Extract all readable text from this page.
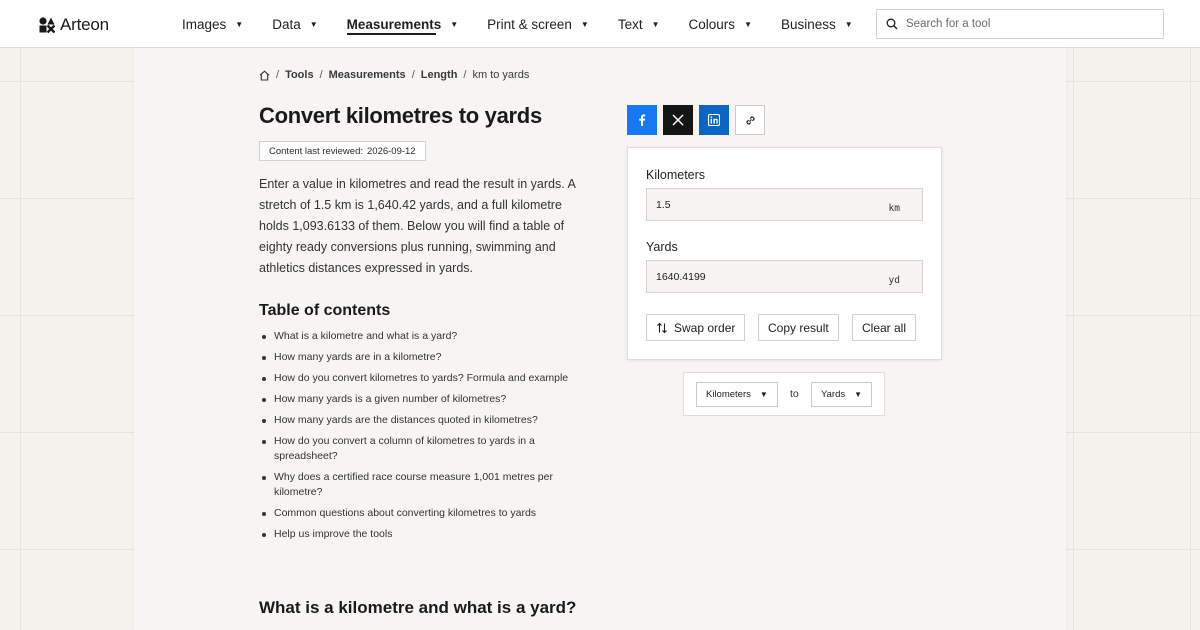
Arteon	Images ▼ Data ▼ Measurements ▼ Print & screen ▼ Text ▼ Colours ▼ Business ▼
Search for a tool
/ Tools / Measurements / Length / km to yards
Convert kilometres to yards
Content last reviewed: 2026-09-12

Enter a value in kilometres and read the result in yards. A stretch of 1.5 km is 1,640.42 yards, and a full kilometre holds 1,093.6133 of them. Below you will find a table of eighty ready conversions plus running, swimming and athletics distances expressed in yards.

Table of contents
What is a kilometre and what is a yard?
How many yards are in a kilometre?
How do you convert kilometres to yards? Formula and example
How many yards is a given number of kilometres?
How many yards are the distances quoted in kilometres?
How do you convert a column of kilometres to yards in a spreadsheet?
Why does a certified race course measure 1,001 metres per kilometre?
Common questions about converting kilometres to yards
Help us improve the tools
What is a kilometre and what is a yard?
Kilometers
1.5
km
Yards
1640.4199
yd
Swap order	Copy result	Clear all
Kilometers ▼ to Yards ▼
